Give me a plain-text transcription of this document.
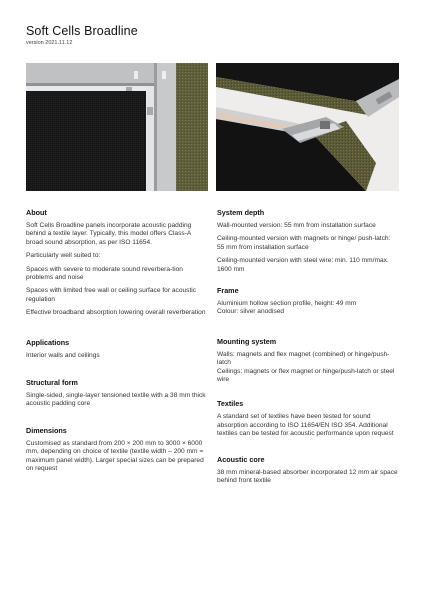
Soft Cells Broadline
version 2021.11.12
About

Soft Cells Broadline panels incorporate acoustic padding behind a textile layer. Typically, this model offers Class-A broad sound absorption, as per ISO 11654.

Particularly well suited to:

Spaces with severe to moderate sound reverbera-tion problems and noise

Spaces with limited free wall or ceiling surface for acoustic regulation

Effective broadband absorption lowering overall reverberation

Applications

Interior walls and ceilings

Structural form

Single-sided, single-layer tensioned textile with a 38 mm thick acoustic padding core

Dimensions

Customised as standard from 200 × 200 mm to 3000 × 6000 mm, depending on choice of textile (textile width – 200 mm = maximum panel width). Larger special sizes can be prepared on request

System depth

Wall-mounted version: 55 mm from installation surface

Ceiling-mounted version with magnets or hinge/ push-latch: 55 mm from installation surface

Ceiling-mounted version with steel wire: min. 110 mm/max. 1600 mm

Frame

Aluminium hollow section profile, height: 49 mm

Colour: silver anodised

Mounting system

Walls: magnets and flex magnet (combined) or hinge/push-latch

Ceilings: magnets or flex magnet or hinge/push-latch or steel wire

Textiles

A standard set of textiles have been tested for sound absorption according to ISO 11654/EN ISO 354. Additional textiles can be tested for acoustic performance upon request

Acoustic core

38 mm mineral-based absorber incorporated 12 mm air space behind front textile
